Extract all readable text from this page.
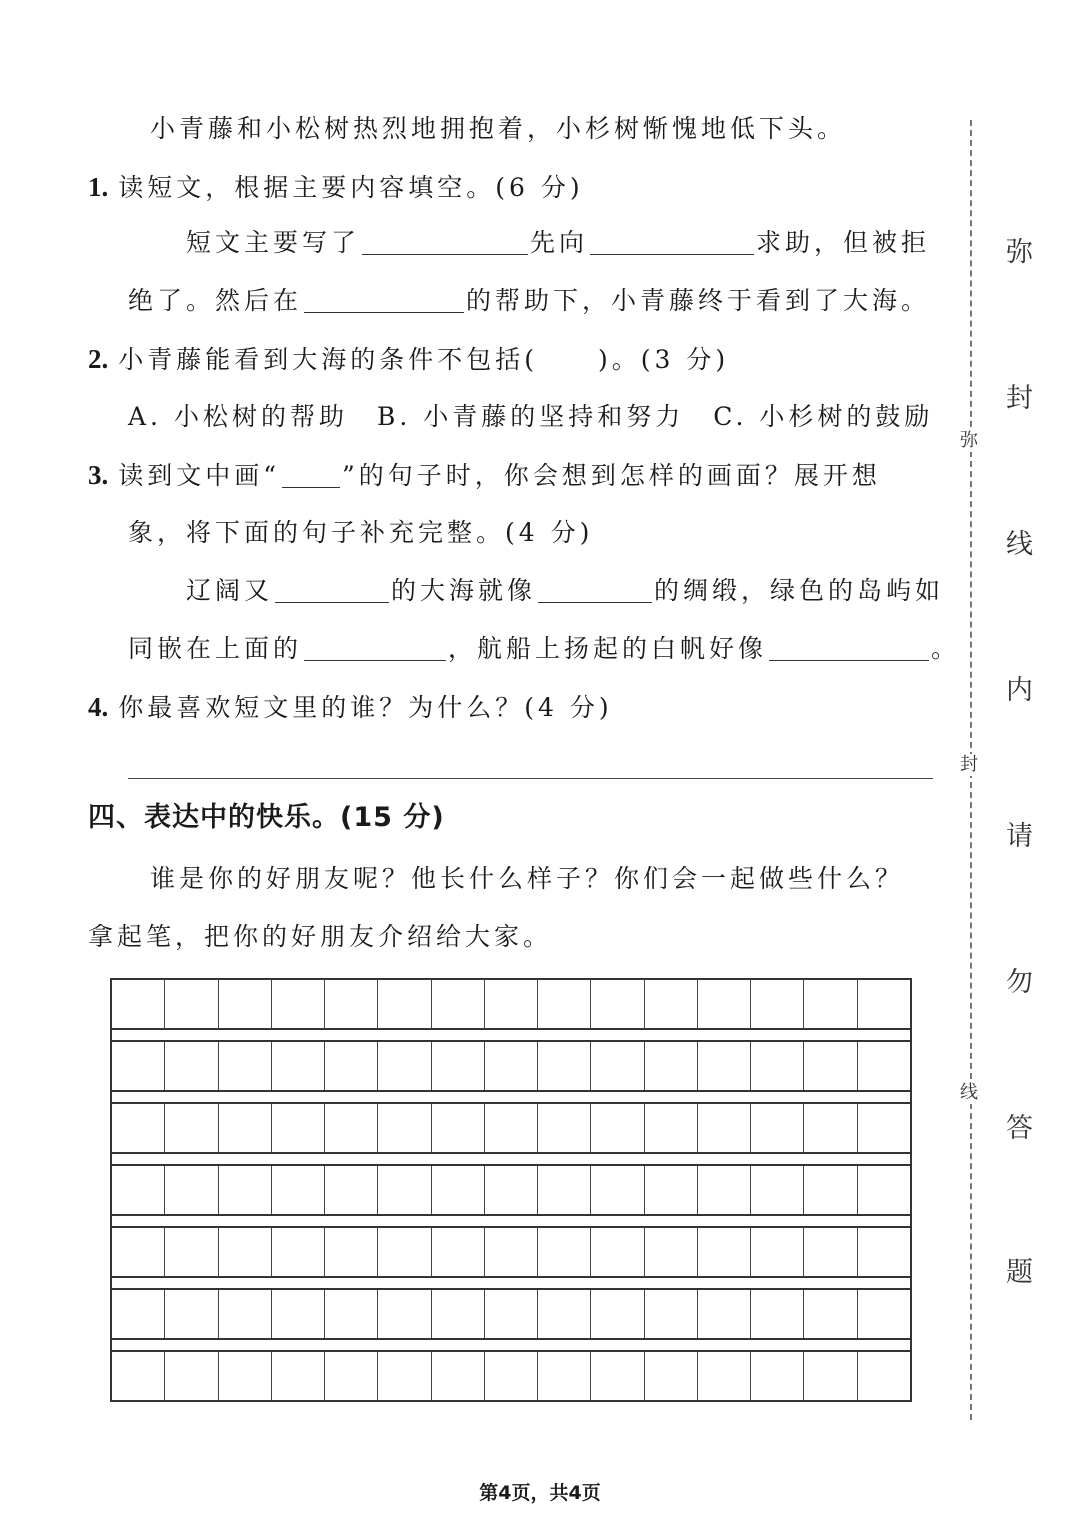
小青藤和小松树热烈地拥抱着，小杉树惭愧地低下头。
1. 读短文，根据主要内容填空。(6 分)
短文主要写了	先向	求助，但被拒
绝了。然后在	的帮助下，小青藤终于看到了大海。
2. 小青藤能看到大海的条件不包括( )。(3 分)
A. 小松树的帮助　B. 小青藤的坚持和努力　C. 小杉树的鼓励
3. 读到文中画“ ”的句子时，你会想到怎样的画面？展开想
象，将下面的句子补充完整。(4 分)
辽阔又	的大海就像	的绸缎，绿色的岛屿如
同嵌在上面的	，航船上扬起的白帆好像	。
4. 你最喜欢短文里的谁？为什么？(4 分)
四、表达中的快乐。(15 分)
谁是你的好朋友呢？他长什么样子？你们会一起做些什么？
拿起笔，把你的好朋友介绍给大家。
弥
封
线
弥
封
线
内
请
勿
答
题
第4页，共4页
